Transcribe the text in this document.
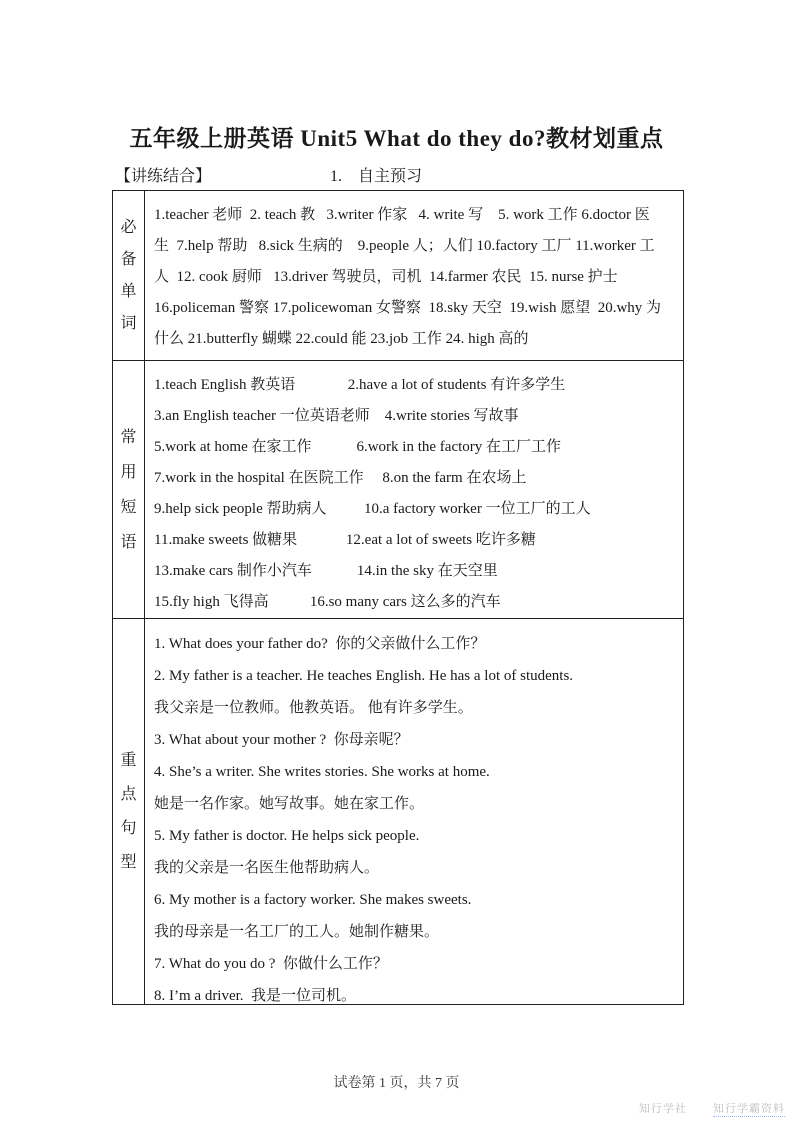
五年级上册英语 Unit5 What do they do?教材划重点
【讲练结合】	1.    自主预习
必备单词
1.teacher 老师  2. teach 教   3.writer 作家   4. write 写    5. work 工作 6.doctor 医
生  7.help 帮助   8.sick 生病的    9.people 人；人们 10.factory 工厂 11.worker 工
人  12. cook 厨师   13.driver 驾驶员，司机  14.farmer 农民  15. nurse 护士
16.policeman 警察 17.policewoman 女警察  18.sky 天空  19.wish 愿望  20.why 为
什么 21.butterfly 蝴蝶 22.could 能 23.job 工作 24. high 高的
常用短语
1.teach English 教英语              2.have a lot of students 有许多学生
3.an English teacher 一位英语老师    4.write stories 写故事
5.work at home 在家工作            6.work in the factory 在工厂工作
7.work in the hospital 在医院工作     8.on the farm 在农场上
9.help sick people 帮助病人          10.a factory worker 一位工厂的工人
11.make sweets 做糖果             12.eat a lot of sweets 吃许多糖
13.make cars 制作小汽车            14.in the sky 在天空里
15.fly high 飞得高           16.so many cars 这么多的汽车
重点句型
1. What does your father do?  你的父亲做什么工作？
2. My father is a teacher. He teaches English. He has a lot of students.
我父亲是一位教师。他教英语。 他有许多学生。
3. What about your mother ?  你母亲呢？
4. She’s a writer. She writes stories. She works at home.
她是一名作家。她写故事。她在家工作。
5. My father is doctor. He helps sick people.
我的父亲是一名医生他帮助病人。
6. My mother is a factory worker. She makes sweets.
我的母亲是一名工厂的工人。她制作糖果。
7. What do you do ?  你做什么工作？
8. I’m a driver.  我是一位司机。
试卷第 1 页，共 7 页
知行学社 知行学霸资料
